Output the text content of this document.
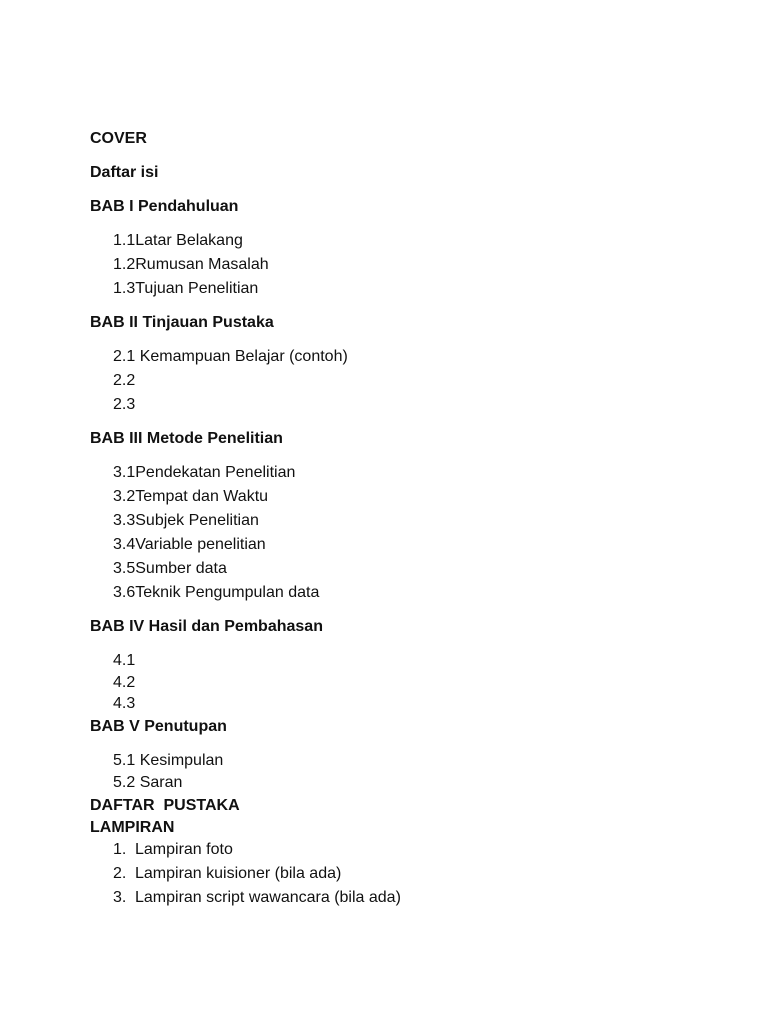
COVER
Daftar isi
BAB I Pendahuluan
1.1Latar Belakang
1.2Rumusan Masalah
1.3Tujuan Penelitian
BAB II Tinjauan Pustaka
2.1 Kemampuan Belajar (contoh)
2.2
2.3
BAB III Metode Penelitian
3.1Pendekatan Penelitian
3.2Tempat dan Waktu
3.3Subjek Penelitian
3.4Variable penelitian
3.5Sumber data
3.6Teknik Pengumpulan data
BAB IV Hasil dan Pembahasan
4.1
4.2
4.3
BAB V Penutupan
5.1 Kesimpulan
5.2 Saran
DAFTAR  PUSTAKA
LAMPIRAN
1. Lampiran foto
2. Lampiran kuisioner (bila ada)
3. Lampiran script wawancara (bila ada)
